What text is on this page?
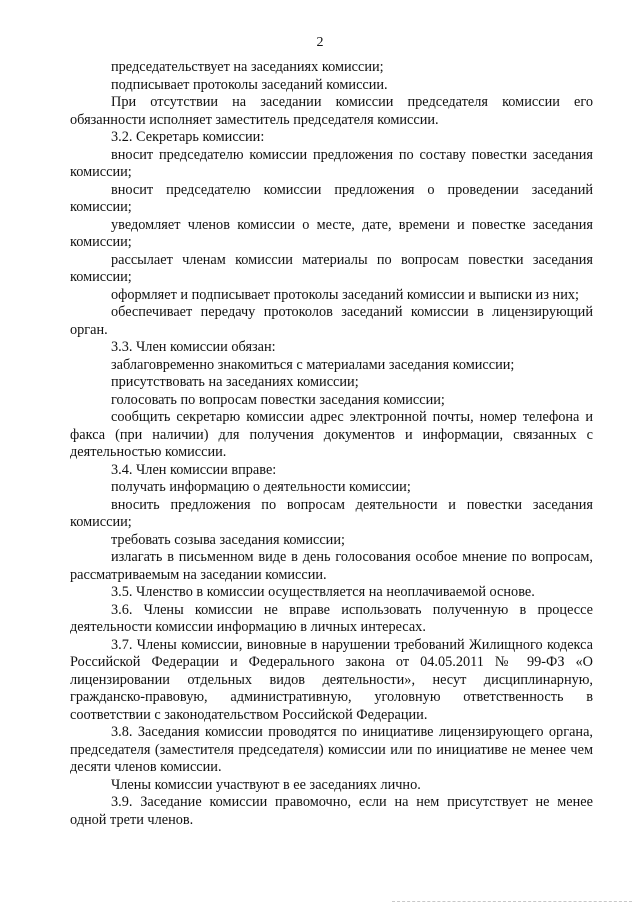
2

председательствует на заседаниях комиссии;

подписывает протоколы заседаний комиссии.

При отсутствии на заседании комиссии председателя комиссии его обязанности исполняет заместитель председателя комиссии.

3.2. Секретарь комиссии:

вносит председателю комиссии предложения по составу повестки заседания комиссии;

вносит председателю комиссии предложения о проведении заседаний комиссии;

уведомляет членов комиссии о месте, дате, времени и повестке заседания комиссии;

рассылает членам комиссии материалы по вопросам повестки заседания комиссии;

оформляет и подписывает протоколы заседаний комиссии и выписки из них;

обеспечивает передачу протоколов заседаний комиссии в лицензирующий орган.

3.3. Член комиссии обязан:

заблаговременно знакомиться с материалами заседания комиссии;

присутствовать на заседаниях комиссии;

голосовать по вопросам повестки заседания комиссии;

сообщить секретарю комиссии адрес электронной почты, номер телефона и факса (при наличии) для получения документов и информации, связанных с деятельностью комиссии.

3.4. Член комиссии вправе:

получать информацию о деятельности комиссии;

вносить предложения по вопросам деятельности и повестки заседания комиссии;

требовать созыва заседания комиссии;

излагать в письменном виде в день голосования особое мнение по вопросам, рассматриваемым на заседании комиссии.

3.5. Членство в комиссии осуществляется на неоплачиваемой основе.

3.6. Члены комиссии не вправе использовать полученную в процессе деятельности комиссии информацию в личных интересах.

3.7. Члены комиссии, виновные в нарушении требований Жилищного кодекса Российской Федерации и Федерального закона от 04.05.2011 № 99-ФЗ «О лицензировании отдельных видов деятельности», несут дисциплинарную, гражданско-правовую, административную, уголовную ответственность в соответствии с законодательством Российской Федерации.

3.8. Заседания комиссии проводятся по инициативе лицензирующего органа, председателя (заместителя председателя) комиссии или по инициативе не менее чем десяти членов комиссии.

Члены комиссии участвуют в ее заседаниях лично.

3.9. Заседание комиссии правомочно, если на нем присутствует не менее одной трети членов.
